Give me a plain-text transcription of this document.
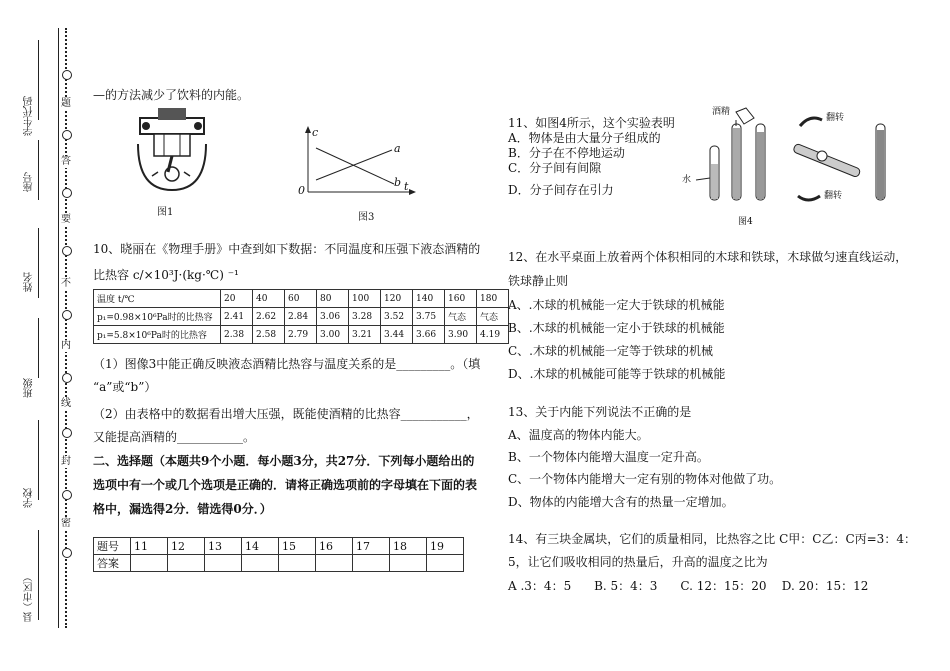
题
答
要
不
内
线
封
密
学生代码
座号
姓名
班级
学校
县（市区）
—的方法减少了饮料的内能。
图1
c
0	t
a
b
图3
10、晓丽在《物理手册》中查到如下数据：不同温度和压强下液态酒精的
比热容 c/×10³J·(kg·℃) ⁻¹
温度 t/℃	20	40	60	80	100	120	140	160	180
p₁=0.98×10⁶Pa时的比热容	2.41	2.62	2.84	3.06	3.28	3.52	3.75	气态	气态
p₁=5.8×10⁶Pa时的比热容	2.38	2.58	2.79	3.00	3.21	3.44	3.66	3.90	4.19
（1）图像3中能正确反映液态酒精比热容与温度关系的是_________。（填
“a”或“b”）
（2）由表格中的数据看出增大压强，既能使酒精的比热容___________，
又能提高酒精的___________。
二、选择题（本题共9个小题．每小题3分，共27分．下列每小题给出的
选项中有一个或几个选项是正确的．请将正确选项前的字母填在下面的表
格中，漏选得2分．错选得0分．）
题号	11	12	13	14	15	16	17	18	19
答案									
11、如图4所示，这个实验表明
A．物体是由大量分子组成的
B．分子在不停地运动
C．分子间有间隙
D．分子间存在引力
酒精
水
翻转
翻转
图4
12、在水平桌面上放着两个体积相同的木球和铁球，木球做匀速直线运动，
铁球静止则
A、.木球的机械能一定大于铁球的机械能
B、.木球的机械能一定小于铁球的机械能
C、.木球的机械能一定等于铁球的机械
D、.木球的机械能可能等于铁球的机械能
13、关于内能下列说法不正确的是
A、温度高的物体内能大。
B、一个物体内能增大温度一定升高。
C、一个物体内能增大一定有别的物体对他做了功。
D、物体的内能增大含有的热量一定增加。
14、有三块金属块，它们的质量相同，比热容之比 C甲：C乙：C丙=3：4：
5，让它们吸收相同的热量后，升高的温度之比为
A .3：4：5      B. 5：4：3      C. 12：15：20    D. 20：15：12
